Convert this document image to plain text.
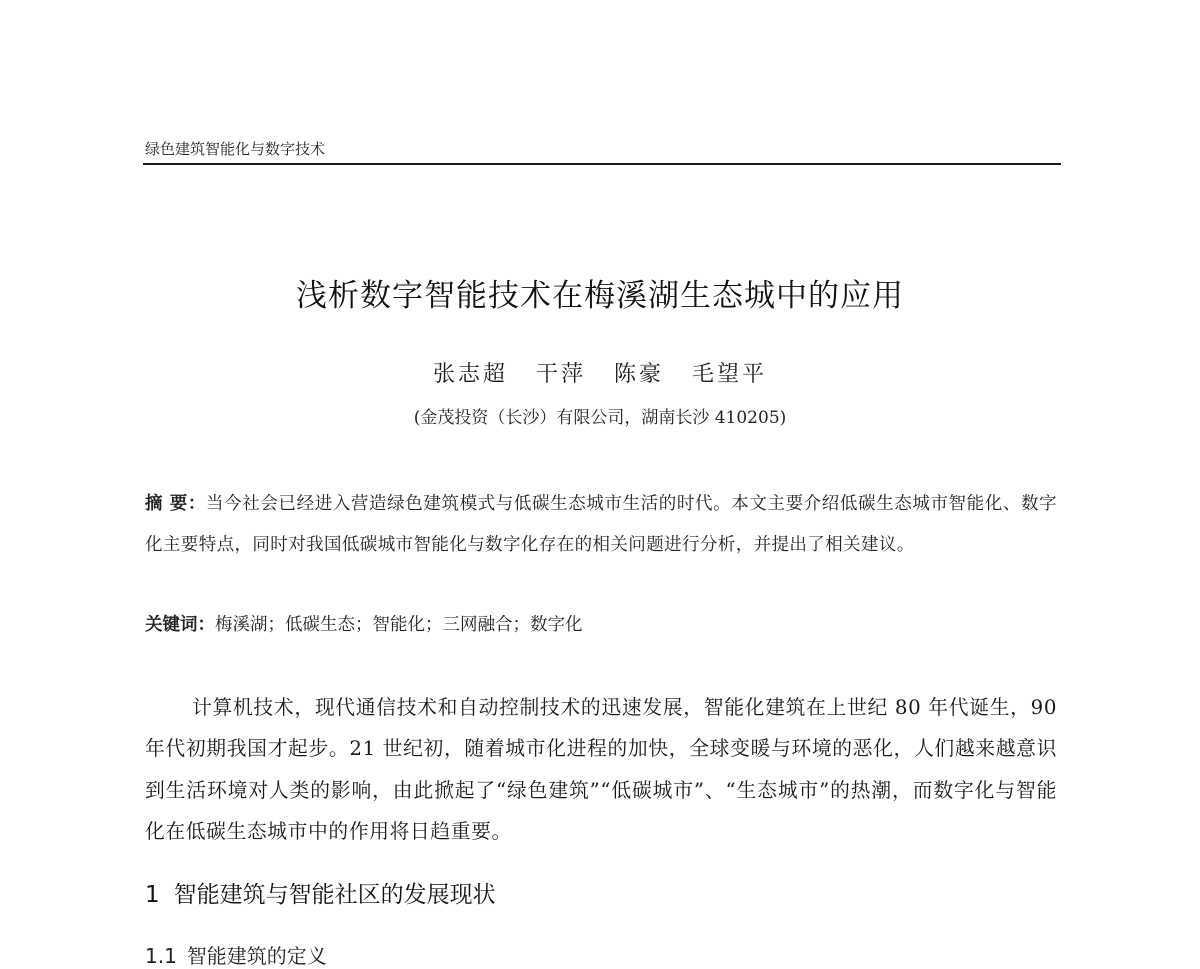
绿色建筑智能化与数字技术
浅析数字智能技术在梅溪湖生态城中的应用
张志超 干萍 陈豪 毛望平
(金茂投资（长沙）有限公司，湖南长沙 410205)
摘 要：当今社会已经进入营造绿色建筑模式与低碳生态城市生活的时代。本文主要介绍低碳生态城市智能化、数字化主要特点，同时对我国低碳城市智能化与数字化存在的相关问题进行分析，并提出了相关建议。
关键词：梅溪湖；低碳生态；智能化；三网融合；数字化
计算机技术，现代通信技术和自动控制技术的迅速发展，智能化建筑在上世纪 80 年代诞生，90 年代初期我国才起步。21 世纪初，随着城市化进程的加快，全球变暖与环境的恶化，人们越来越意识到生活环境对人类的影响，由此掀起了“绿色建筑”“低碳城市”、“生态城市”的热潮，而数字化与智能化在低碳生态城市中的作用将日趋重要。
1 智能建筑与智能社区的发展现状
1.1 智能建筑的定义
